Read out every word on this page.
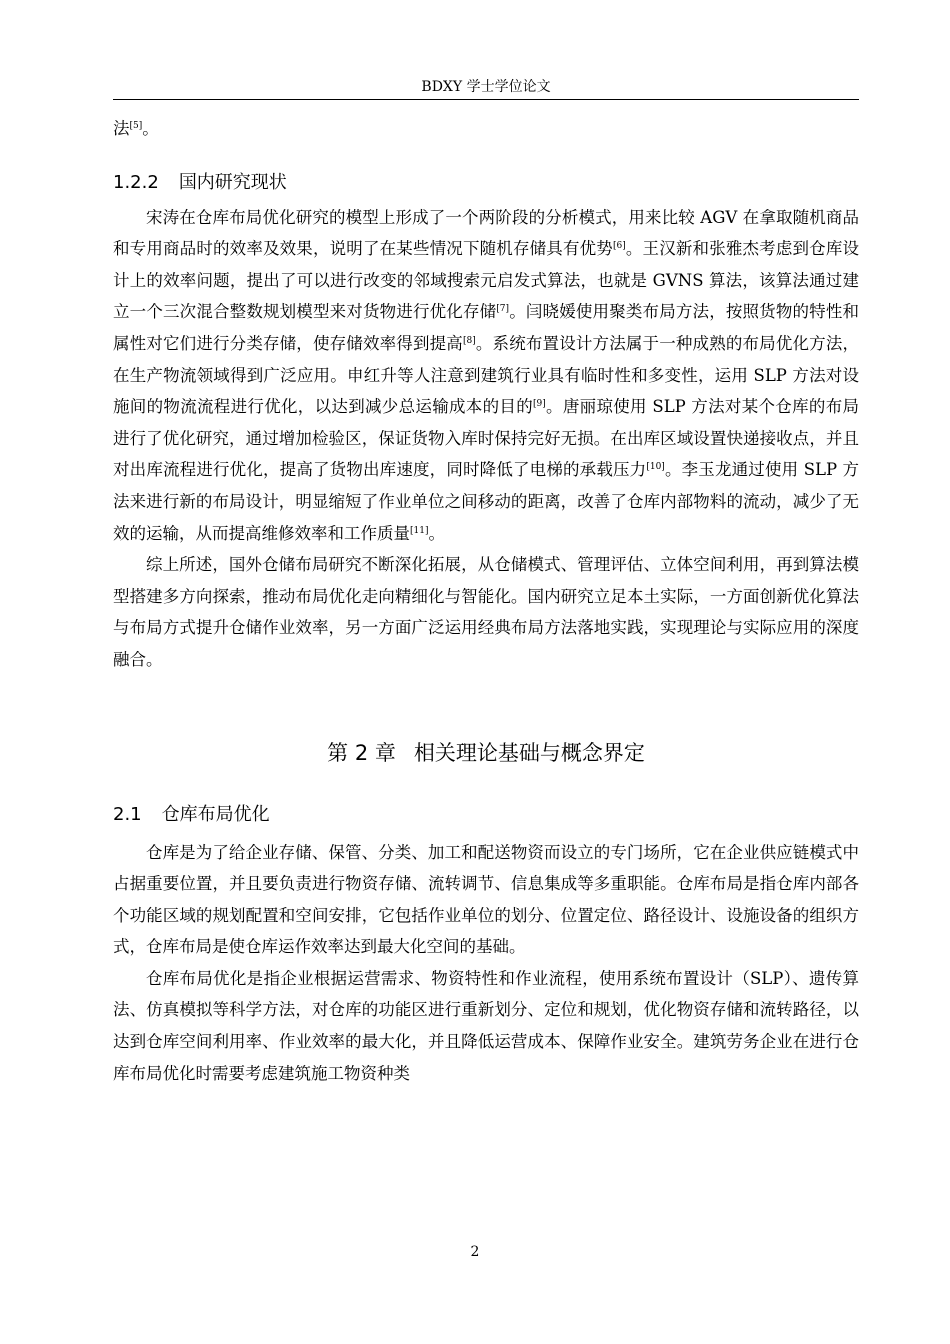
BDXY 学士学位论文

法[5]。

1.2.2 国内研究现状

宋涛在仓库布局优化研究的模型上形成了一个两阶段的分析模式，用来比较 AGV 在拿取随机商品和专用商品时的效率及效果，说明了在某些情况下随机存储具有优势[6]。王汉新和张雅杰考虑到仓库设计上的效率问题，提出了可以进行改变的邻域搜索元启发式算法，也就是 GVNS 算法，该算法通过建立一个三次混合整数规划模型来对货物进行优化存储[7]。闫晓媛使用聚类布局方法，按照货物的特性和属性对它们进行分类存储，使存储效率得到提高[8]。系统布置设计方法属于一种成熟的布局优化方法，在生产物流领域得到广泛应用。申红升等人注意到建筑行业具有临时性和多变性，运用 SLP 方法对设施间的物流流程进行优化，以达到减少总运输成本的目的[9]。唐丽琼使用 SLP 方法对某个仓库的布局进行了优化研究，通过增加检验区，保证货物入库时保持完好无损。在出库区域设置快递接收点，并且对出库流程进行优化，提高了货物出库速度，同时降低了电梯的承载压力[10]。李玉龙通过使用 SLP 方法来进行新的布局设计，明显缩短了作业单位之间移动的距离，改善了仓库内部物料的流动，减少了无效的运输，从而提高维修效率和工作质量[11]。

综上所述，国外仓储布局研究不断深化拓展，从仓储模式、管理评估、立体空间利用，再到算法模型搭建多方向探索，推动布局优化走向精细化与智能化。国内研究立足本土实际，一方面创新优化算法与布局方式提升仓储作业效率，另一方面广泛运用经典布局方法落地实践，实现理论与实际应用的深度融合。

第 2 章 相关理论基础与概念界定
2.1 仓库布局优化

仓库是为了给企业存储、保管、分类、加工和配送物资而设立的专门场所，它在企业供应链模式中占据重要位置，并且要负责进行物资存储、流转调节、信息集成等多重职能。仓库布局是指仓库内部各个功能区域的规划配置和空间安排，它包括作业单位的划分、位置定位、路径设计、设施设备的组织方式，仓库布局是使仓库运作效率达到最大化空间的基础。

仓库布局优化是指企业根据运营需求、物资特性和作业流程，使用系统布置设计（SLP）、遗传算法、仿真模拟等科学方法，对仓库的功能区进行重新划分、定位和规划，优化物资存储和流转路径，以达到仓库空间利用率、作业效率的最大化，并且降低运营成本、保障作业安全。建筑劳务企业在进行仓库布局优化时需要考虑建筑施工物资种类

2
